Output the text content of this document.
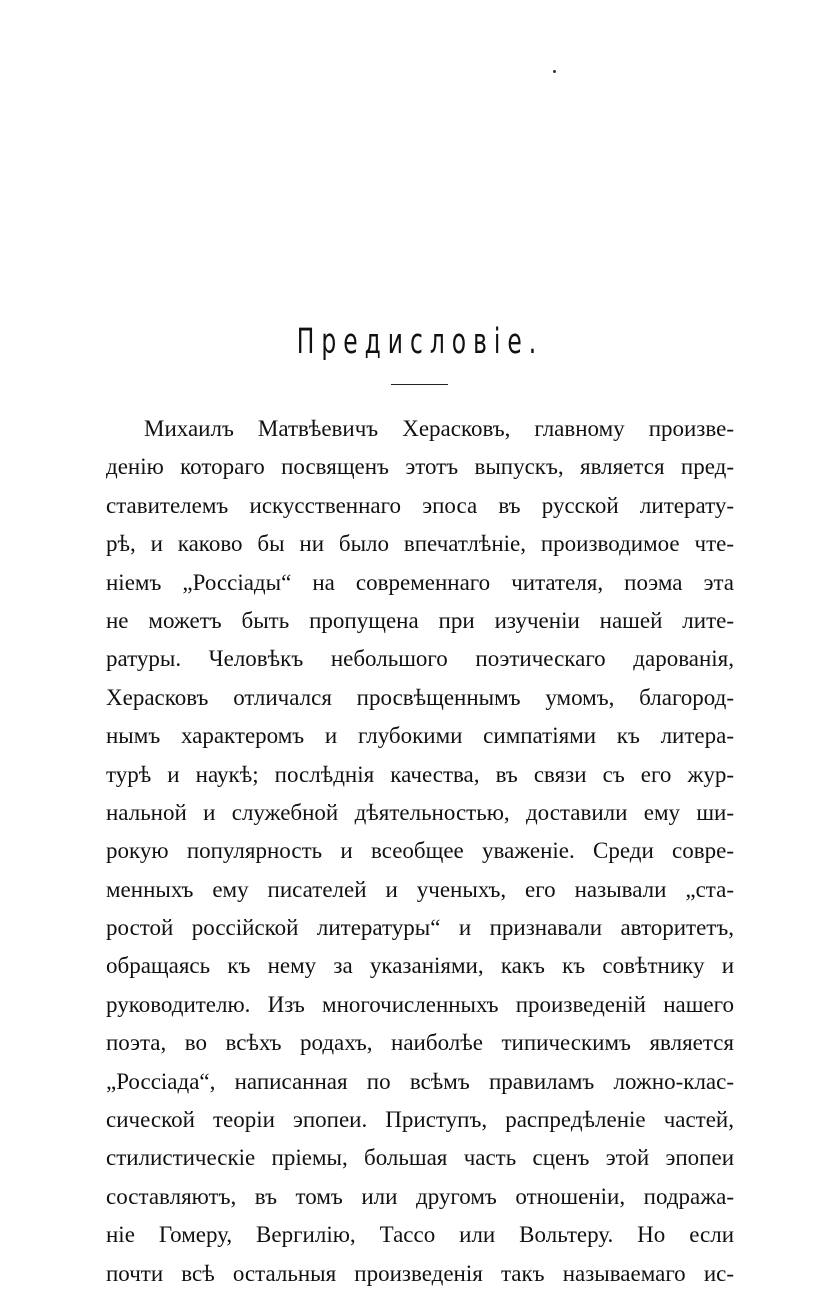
Предисловіе.
Михаилъ Матвѣевичъ Херасковъ, главному произве-
денію котораго посвященъ этотъ выпускъ, является пред-
ставителемъ искусственнаго эпоса въ русской литерату-
рѣ, и каково бы ни было впечатлѣніе, производимое чте-
ніемъ „Россіады“ на современнаго читателя, поэма эта
не можетъ быть пропущена при изученіи нашей лите-
ратуры. Человѣкъ небольшого поэтическаго дарованія,
Херасковъ отличался просвѣщеннымъ умомъ, благород-
нымъ характеромъ и глубокими симпатіями къ литера-
турѣ и наукѣ; послѣднія качества, въ связи съ его жур-
нальной и служебной дѣятельностью, доставили ему ши-
рокую популярность и всеобщее уваженіе. Среди совре-
менныхъ ему писателей и ученыхъ, его называли „ста-
ростой россійской литературы“ и признавали авторитетъ,
обращаясь къ нему за указаніями, какъ къ совѣтнику и
руководителю. Изъ многочисленныхъ произведеній нашего
поэта, во всѣхъ родахъ, наиболѣе типическимъ является
„Россіада“, написанная по всѣмъ правиламъ ложно-клас-
сической теоріи эпопеи. Приступъ, распредѣленіе частей,
стилистическіе пріемы, большая часть сценъ этой эпопеи
составляютъ, въ томъ или другомъ отношеніи, подража-
ніе Гомеру, Вергилію, Тассо или Вольтеру. Но если
почти всѣ остальныя произведенія такъ называемаго ис-
